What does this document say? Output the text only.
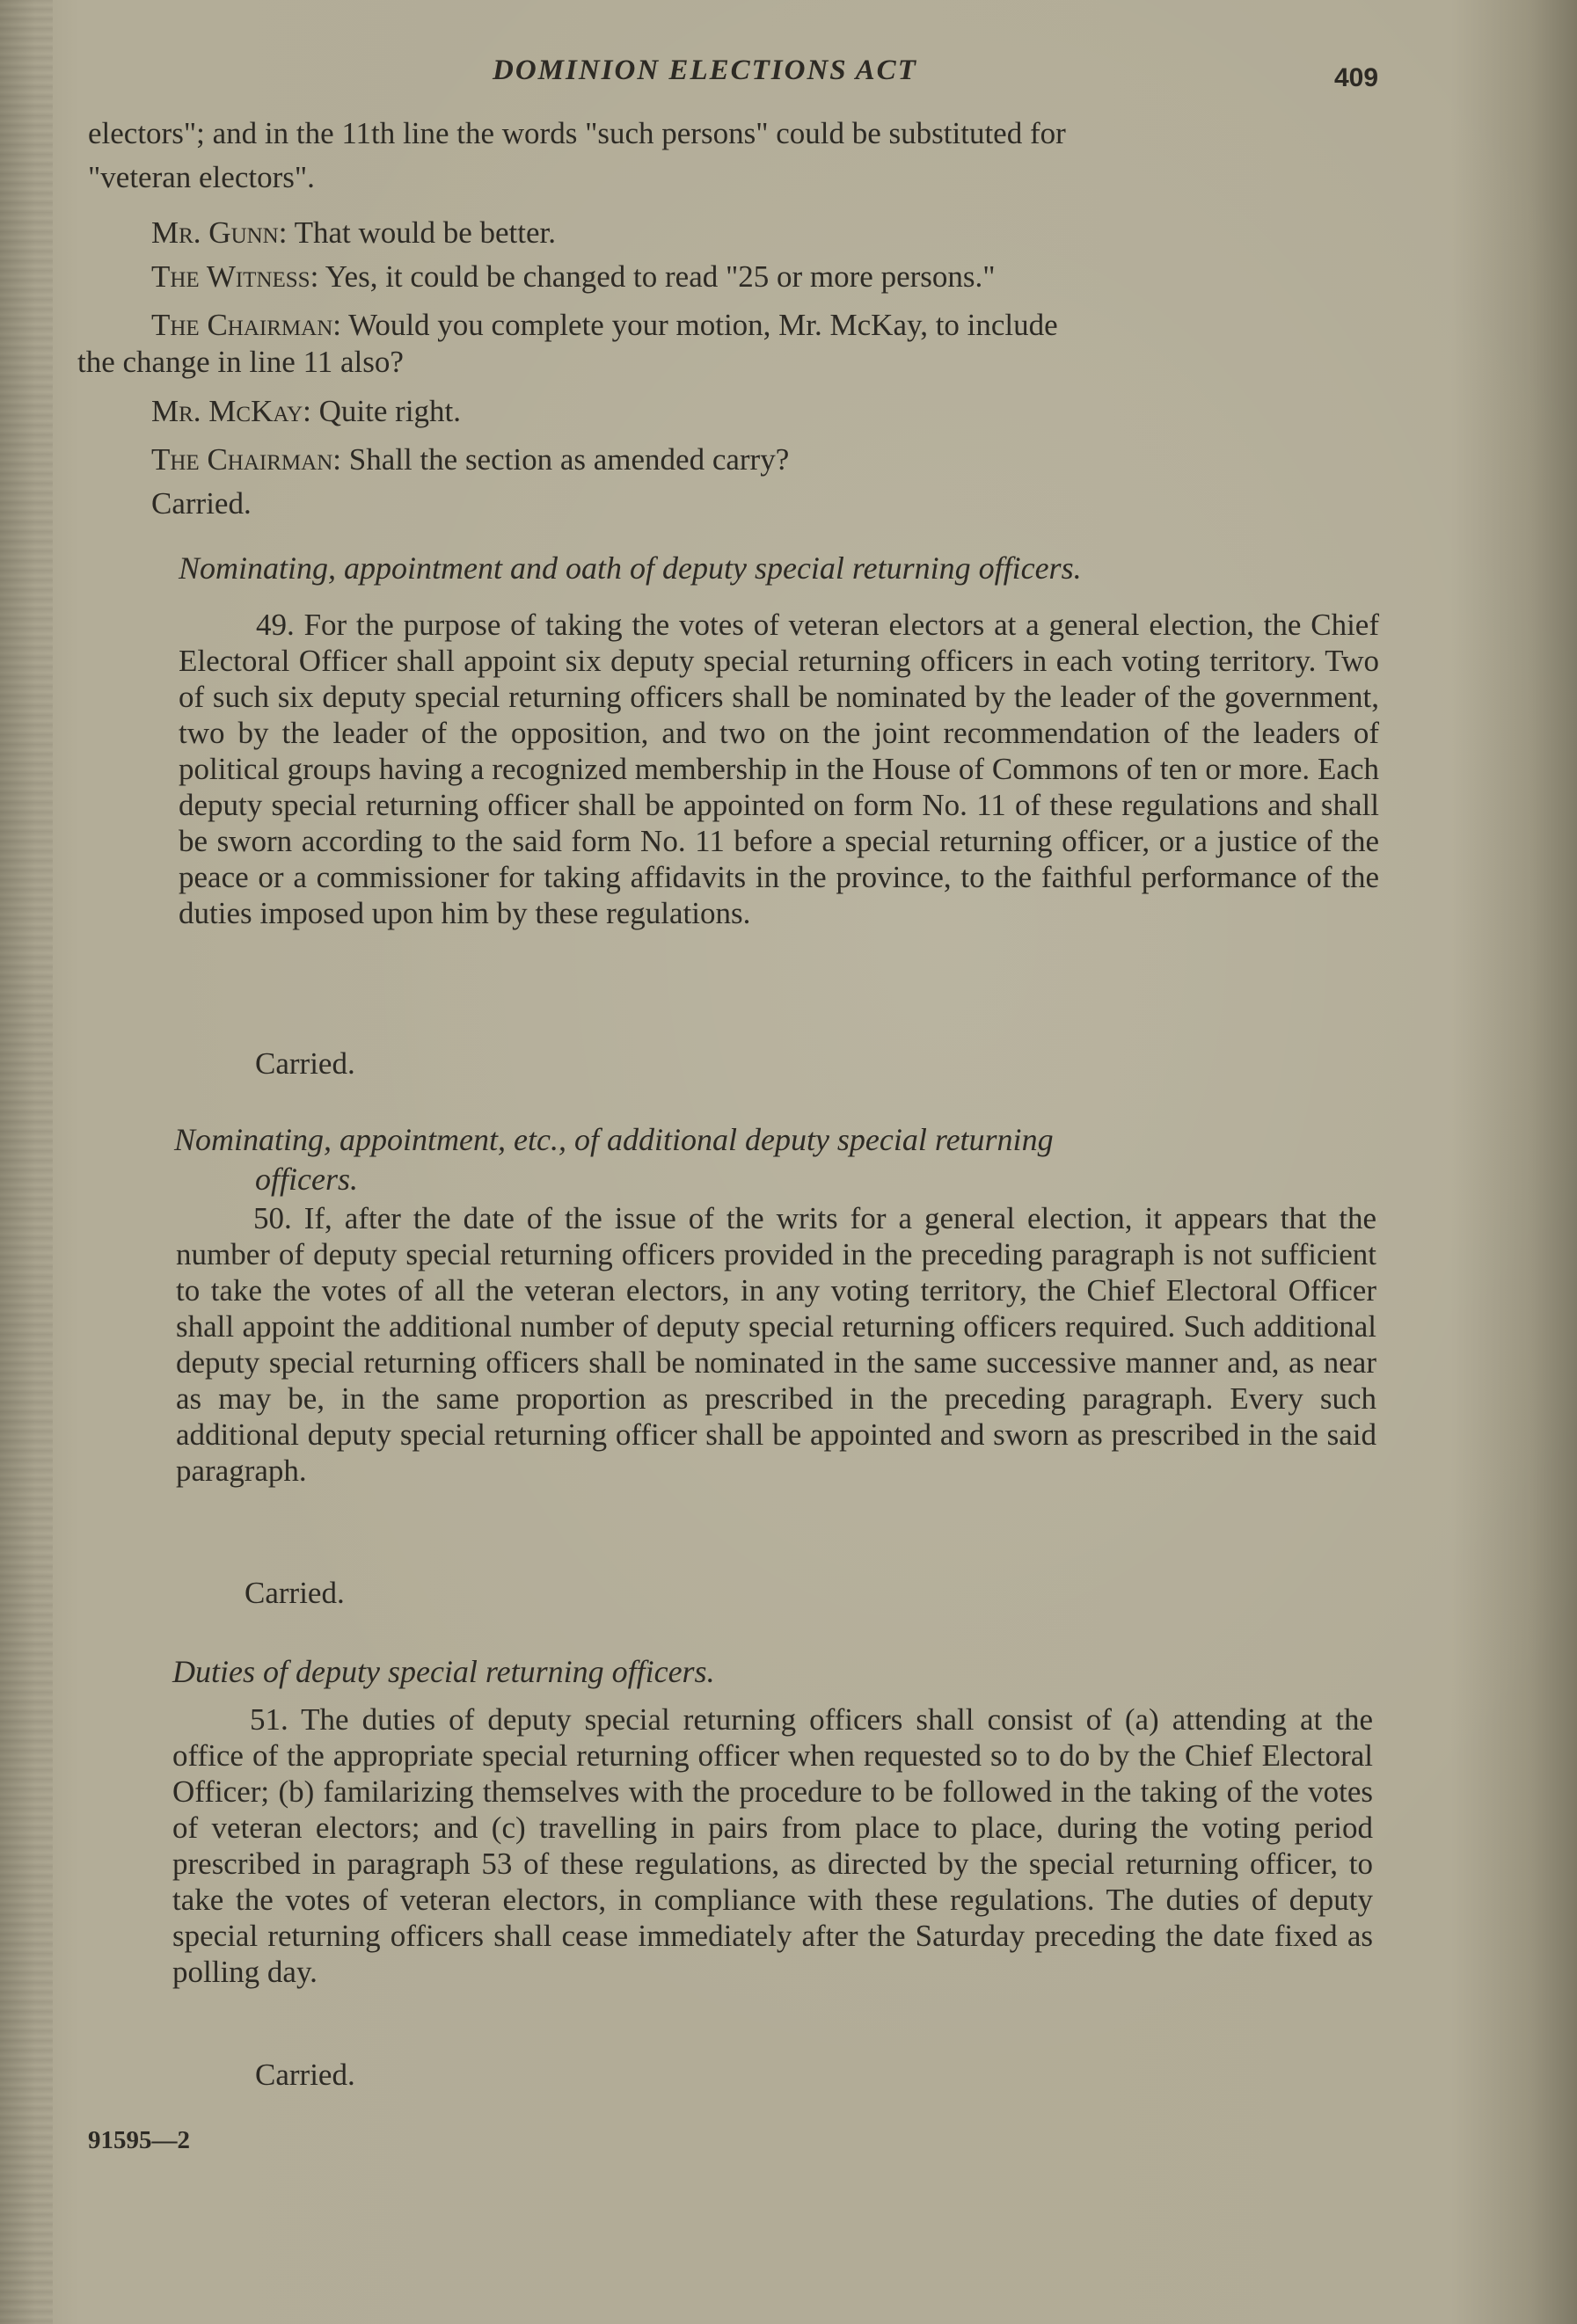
DOMINION ELECTIONS ACT	409
electors"; and in the 11th line the words "such persons" could be substituted for
"veteran electors".
Mr. Gunn: That would be better.
The Witness: Yes, it could be changed to read "25 or more persons."
The Chairman: Would you complete your motion, Mr. McKay, to include
the change in line 11 also?
Mr. McKay: Quite right.
The Chairman: Shall the section as amended carry?
Carried.
Nominating, appointment and oath of deputy special returning officers.
49. For the purpose of taking the votes of veteran electors at a general election, the Chief Electoral Officer shall appoint six deputy special returning officers in each voting territory. Two of such six deputy special returning officers shall be nominated by the leader of the government, two by the leader of the opposition, and two on the joint recommendation of the leaders of political groups having a recognized membership in the House of Commons of ten or more. Each deputy special returning officer shall be appointed on form No. 11 of these regulations and shall be sworn according to the said form No. 11 before a special returning officer, or a justice of the peace or a commissioner for taking affidavits in the province, to the faithful performance of the duties imposed upon him by these regulations.
Carried.
Nominating, appointment, etc., of additional deputy special returning
officers.
50. If, after the date of the issue of the writs for a general election, it appears that the number of deputy special returning officers provided in the preceding paragraph is not sufficient to take the votes of all the veteran electors, in any voting territory, the Chief Electoral Officer shall appoint the additional number of deputy special returning officers required. Such additional deputy special returning officers shall be nominated in the same successive manner and, as near as may be, in the same proportion as prescribed in the preceding paragraph. Every such additional deputy special returning officer shall be appointed and sworn as prescribed in the said paragraph.
Carried.
Duties of deputy special returning officers.
51. The duties of deputy special returning officers shall consist of (a) attending at the office of the appropriate special returning officer when requested so to do by the Chief Electoral Officer; (b) familarizing themselves with the procedure to be followed in the taking of the votes of veteran electors; and (c) travelling in pairs from place to place, during the voting period prescribed in paragraph 53 of these regulations, as directed by the special returning officer, to take the votes of veteran electors, in compliance with these regulations. The duties of deputy special returning officers shall cease immediately after the Saturday preceding the date fixed as polling day.
Carried.
91595—2
